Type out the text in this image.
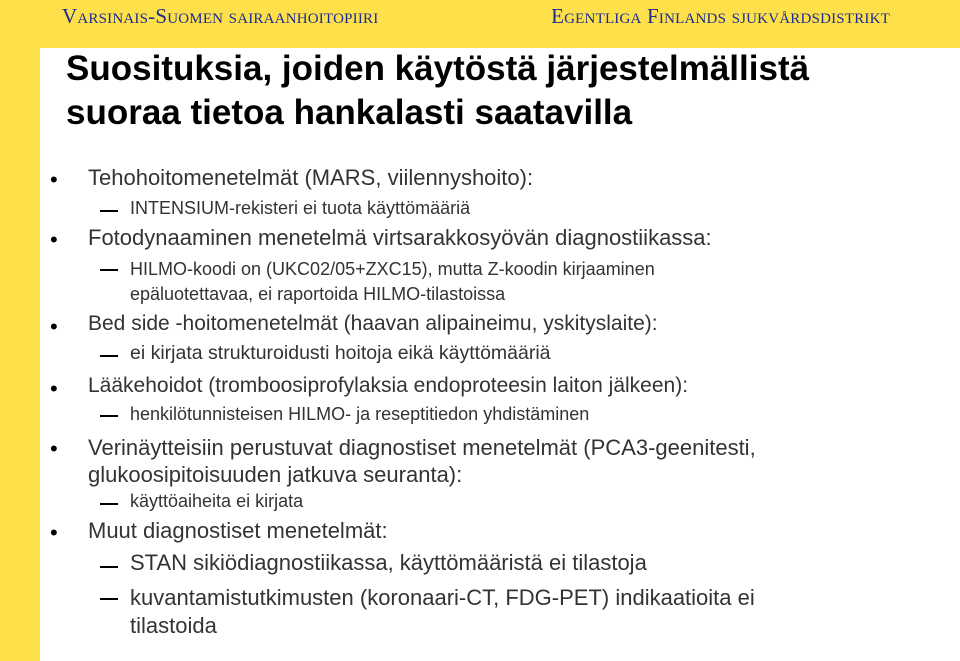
Varsinais-Suomen sairaanhoitopiiri	Egentliga Finlands sjukvårdsdistrikt
Suosituksia, joiden käytöstä järjestelmällistä
suoraa tietoa hankalasti saatavilla
• Tehohoitomenetelmät (MARS, viilennyshoito):
INTENSIUM-rekisteri ei tuota käyttömääriä
• Fotodynaaminen menetelmä virtsarakkosyövän diagnostiikassa:
HILMO-koodi on (UKC02/05+ZXC15), mutta Z-koodin kirjaaminen
epäluotettavaa, ei raportoida HILMO-tilastoissa
• Bed side -hoitomenetelmät (haavan alipaineimu, yskityslaite):
ei kirjata strukturoidusti hoitoja eikä käyttömääriä
• Lääkehoidot (tromboosiprofylaksia endoproteesin laiton jälkeen):
henkilötunnisteisen HILMO- ja reseptitiedon yhdistäminen
• Verinäytteisiin perustuvat diagnostiset menetelmät (PCA3-geenitesti,
glukoosipitoisuuden jatkuva seuranta):
käyttöaiheita ei kirjata
• Muut diagnostiset menetelmät:
STAN sikiödiagnostiikassa, käyttömääristä ei tilastoja
kuvantamistutkimusten (koronaari-CT, FDG-PET) indikaatioita ei
tilastoida
